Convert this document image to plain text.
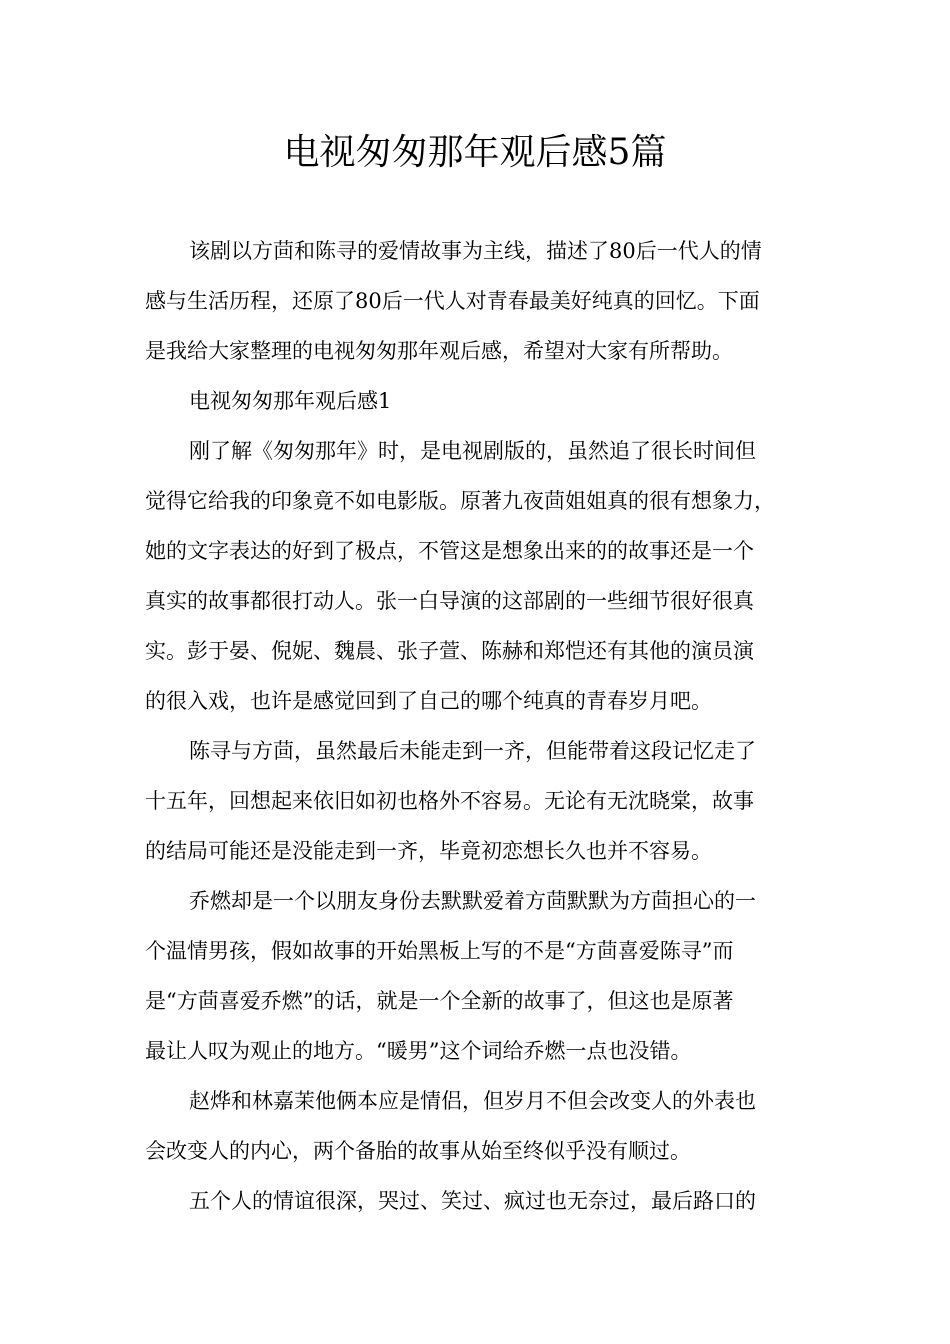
电视匆匆那年观后感5篇

该剧以方茴和陈寻的爱情故事为主线，描述了80后一代人的情
感与生活历程，还原了80后一代人对青春最美好纯真的回忆。下面
是我给大家整理的电视匆匆那年观后感，希望对大家有所帮助。

电视匆匆那年观后感1

刚了解《匆匆那年》时，是电视剧版的，虽然追了很长时间但
觉得它给我的印象竟不如电影版。原著九夜茴姐姐真的很有想象力，
她的文字表达的好到了极点，不管这是想象出来的的故事还是一个
真实的故事都很打动人。张一白导演的这部剧的一些细节很好很真
实。彭于晏、倪妮、魏晨、张子萱、陈赫和郑恺还有其他的演员演
的很入戏，也许是感觉回到了自己的哪个纯真的青春岁月吧。

陈寻与方茴，虽然最后未能走到一齐，但能带着这段记忆走了
十五年，回想起来依旧如初也格外不容易。无论有无沈晓棠，故事
的结局可能还是没能走到一齐，毕竟初恋想长久也并不容易。

乔燃却是一个以朋友身份去默默爱着方茴默默为方茴担心的一
个温情男孩，假如故事的开始黑板上写的不是“方茴喜爱陈寻”而
是“方茴喜爱乔燃”的话，就是一个全新的故事了，但这也是原著
最让人叹为观止的地方。“暖男”这个词给乔燃一点也没错。

赵烨和林嘉茉他俩本应是情侣，但岁月不但会改变人的外表也
会改变人的内心，两个备胎的故事从始至终似乎没有顺过。

五个人的情谊很深，哭过、笑过、疯过也无奈过，最后路口的
